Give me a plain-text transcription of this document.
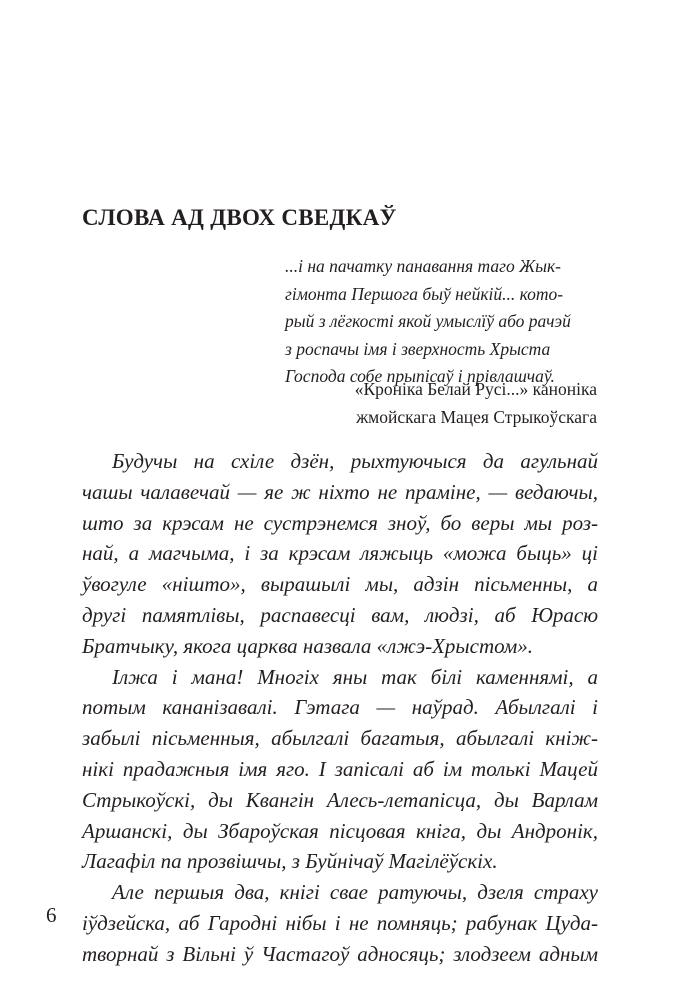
СЛОВА АД ДВОХ СВЕДКАЎ
...і на пачатку панавання таго Жык-
гімонта Першога быў нейкій... кото-
рый з лёгкості якой умыслїў або рачэй
з роспачы імя і зверхность Хрыста
Господа собе прыпісаў і прівлашчаў.
«Кроніка Белай Русі...» каноніка
жмойскага Мацея Стрыкоўскага
Будучы на схіле дзён, рыхтуючыся да агульнай
чашы чалавечай — яе ж ніхто не праміне, — ведаючы,
што за крэсам не сустрэнемся зноў, бо веры мы роз-
най, а магчыма, і за крэсам ляжыць «можа быць» ці
ўвогуле «нішто», вырашылі мы, адзін пісьменны, а
другі памятлівы, распавесці вам, людзі, аб Юрасю
Братчыку, якога царква назвала «лжэ-Хрыстом».
Ілжа і мана! Многіх яны так білі каменнямі, а
потым кананізавалі. Гэтага — наўрад. Абылгалі і
забылі пісьменныя, абылгалі багатыя, абылгалі кніж-
нікі прадажныя імя яго. І запісалі аб ім толькі Мацей
Стрыкоўскі, ды Квангін Алесь-летапісца, ды Варлам
Аршанскі, ды Збароўская пісцовая кніга, ды Андронік,
Лагафіл па прозвішчы, з Буйнічаў Магілёўскіх.
Але першыя два, кнігі свае ратуючы, дзеля страху
іўдзейска, аб Гародні нібы і не помняць; рабунак Цуда-
творнай з Вільні ў Частагоў адносяць; злодзеем адным
6
